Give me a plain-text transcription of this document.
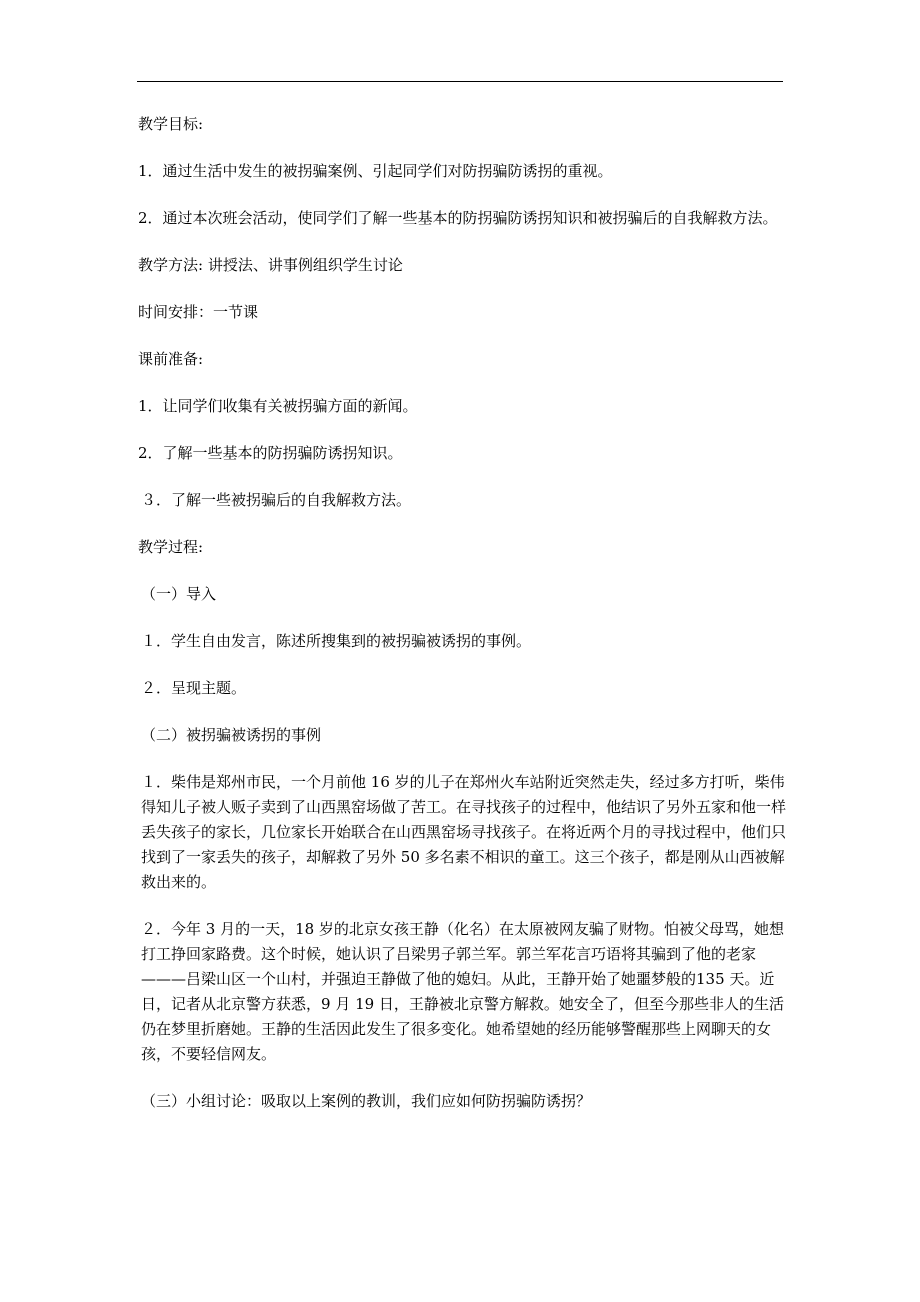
教学目标:

1．通过生活中发生的被拐骗案例、引起同学们对防拐骗防诱拐的重视。

2．通过本次班会活动，使同学们了解一些基本的防拐骗防诱拐知识和被拐骗后的自我解救方法。

教学方法: 讲授法、讲事例组织学生讨论

时间安排：一节课

课前准备:

1．让同学们收集有关被拐骗方面的新闻。

2．了解一些基本的防拐骗防诱拐知识。

３．了解一些被拐骗后的自我解救方法。

教学过程:

（一）导入

１．学生自由发言，陈述所搜集到的被拐骗被诱拐的事例。

２．呈现主题。

（二）被拐骗被诱拐的事例

１．柴伟是郑州市民，一个月前他 16 岁的儿子在郑州火车站附近突然走失，经过多方打听，柴伟得知儿子被人贩子卖到了山西黑窑场做了苦工。在寻找孩子的过程中，他结识了另外五家和他一样丢失孩子的家长，几位家长开始联合在山西黑窑场寻找孩子。在将近两个月的寻找过程中，他们只找到了一家丢失的孩子，却解救了另外 50 多名素不相识的童工。这三个孩子，都是刚从山西被解救出来的。

２．今年 3 月的一天，18 岁的北京女孩王静（化名）在太原被网友骗了财物。怕被父母骂，她想打工挣回家路费。这个时候，她认识了吕梁男子郭兰军。郭兰军花言巧语将其骗到了他的老家———吕梁山区一个山村，并强迫王静做了他的媳妇。从此，王静开始了她噩梦般的135 天。近日，记者从北京警方获悉，9 月 19 日，王静被北京警方解救。她安全了，但至今那些非人的生活仍在梦里折磨她。王静的生活因此发生了很多变化。她希望她的经历能够警醒那些上网聊天的女孩，不要轻信网友。

（三）小组讨论：吸取以上案例的教训，我们应如何防拐骗防诱拐？
